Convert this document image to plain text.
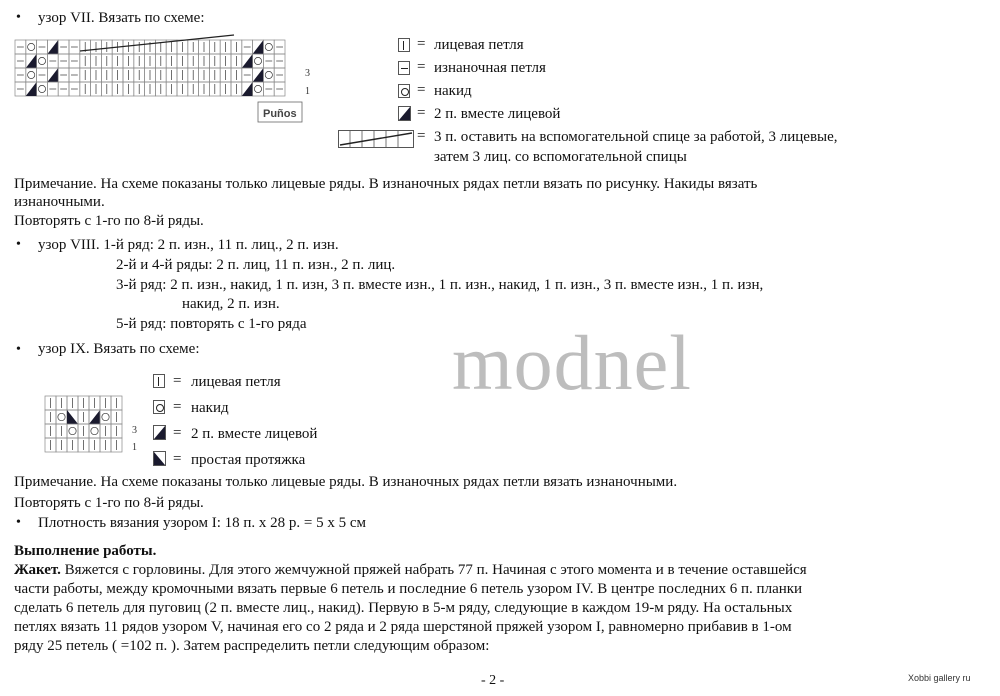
• узор VII. Вязать по схеме:
3
1
Puños
= лицевая петля
= изнаночная петля
= накид
= 2 п. вместе лицевой
= 3 п. оставить на вспомогательной спице за работой, 3 лицевые,
затем 3 лиц. со вспомогательной спицы
Примечание. На схеме показаны только лицевые ряды. В изнаночных рядах петли вязать по рисунку. Накиды вязать
изнаночными.
Повторять с 1-го по 8-й ряды.
• узор VIII. 1-й ряд: 2 п. изн., 11 п. лиц., 2 п. изн.
2-й и 4-й ряды: 2 п. лиц, 11 п. изн., 2 п. лиц.
3-й ряд: 2 п. изн., накид, 1 п. изн, 3 п. вместе изн., 1 п. изн., накид, 1 п. изн., 3 п. вместе изн., 1 п. изн,
накид, 2 п. изн.
5-й ряд: повторять с 1-го ряда
• узор IX. Вязать по схеме:	modnel
3
1
= лицевая петля
= накид
= 2 п. вместе лицевой
= простая протяжка
Примечание. На схеме показаны только лицевые ряды. В изнаночных рядах петли вязать изнаночными.
Повторять с 1-го по 8-й ряды.
• Плотность вязания узором I: 18 п. х 28 р. = 5 х 5 см
Выполнение работы.
Жакет. Вяжется с горловины. Для этого жемчужной пряжей набрать 77 п. Начиная с этого момента и в течение оставшейся
части работы, между кромочными вязать первые 6 петель и последние 6 петель узором IV. В центре последних 6 п. планки
сделать 6 петель для пуговиц (2 п. вместе лиц., накид). Первую в 5-м ряду, следующие в каждом 19-м ряду. На остальных
петлях вязать 11 рядов узором V, начиная его со 2 ряда и 2 ряда шерстяной пряжей узором I, равномерно прибавив в 1-ом
ряду 25 петель ( =102 п. ). Затем распределить петли следующим образом:
- 2 -	Xobbi gallery ru
